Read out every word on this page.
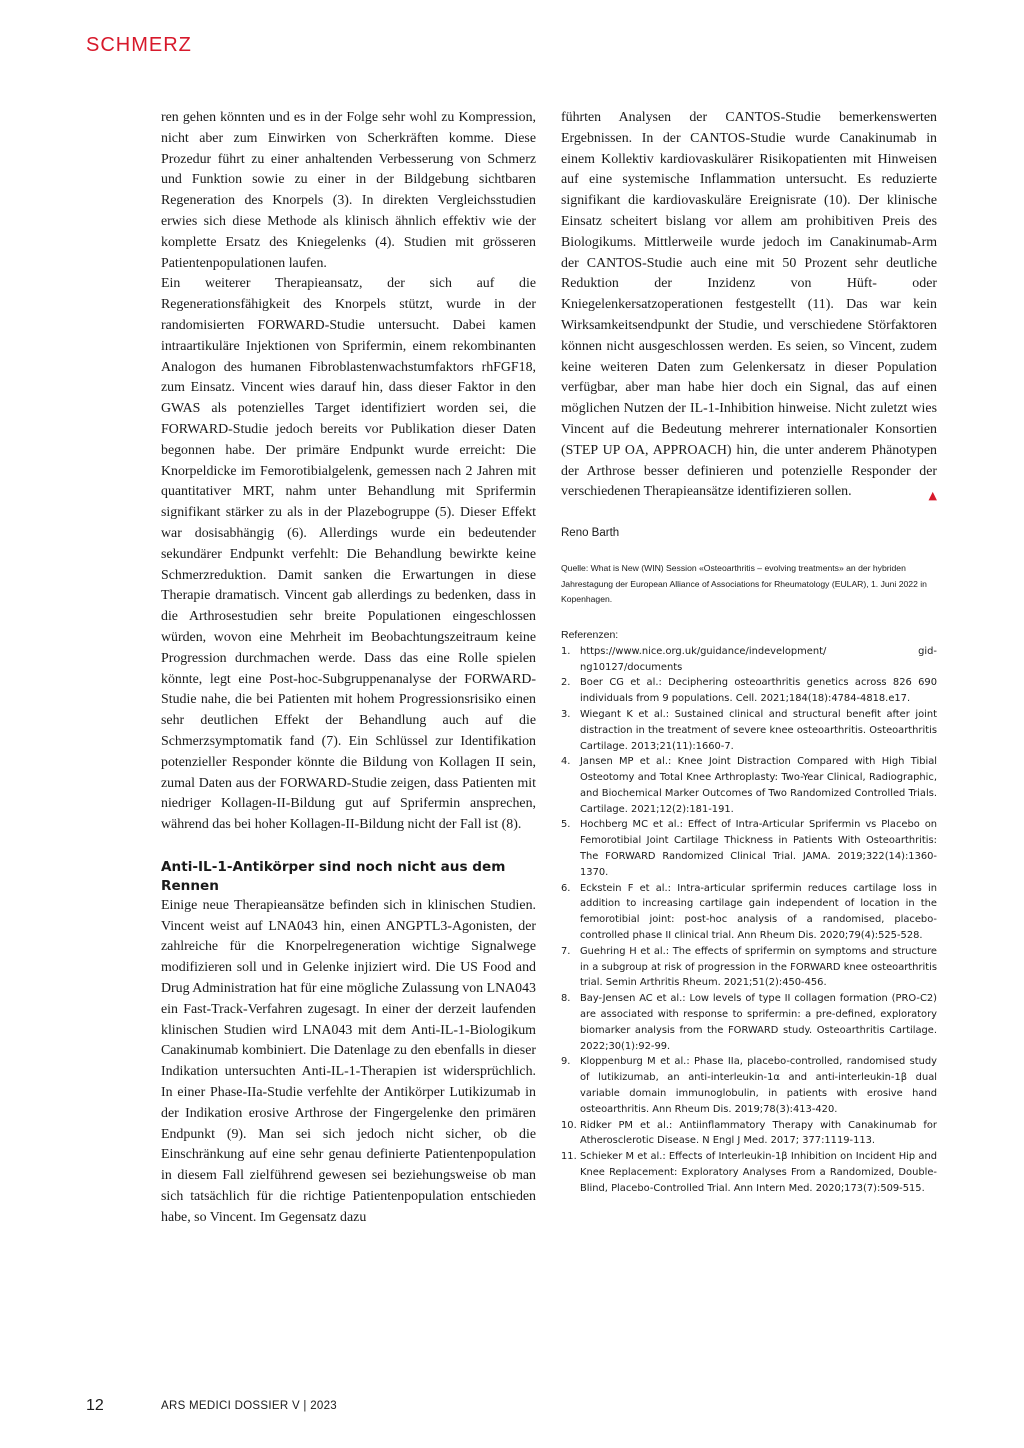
SCHMERZ

ren gehen könnten und es in der Folge sehr wohl zu Kompression, nicht aber zum Einwirken von Scherkräften komme. Diese Prozedur führt zu einer anhaltenden Verbesserung von Schmerz und Funktion sowie zu einer in der Bildgebung sichtbaren Regeneration des Knorpels (3). In direkten Vergleichsstudien erwies sich diese Methode als klinisch ähnlich effektiv wie der komplette Ersatz des Kniegelenks (4). Studien mit grösseren Patientenpopulationen laufen.

Ein weiterer Therapieansatz, der sich auf die Regenerationsfähigkeit des Knorpels stützt, wurde in der randomisierten FORWARD-Studie untersucht. Dabei kamen intraartikuläre Injektionen von Sprifermin, einem rekombinanten Analogon des humanen Fibroblastenwachstumfaktors rhFGF18, zum Einsatz. Vincent wies darauf hin, dass dieser Faktor in den GWAS als potenzielles Target identifiziert worden sei, die FORWARD-Studie jedoch bereits vor Publikation dieser Daten begonnen habe. Der primäre Endpunkt wurde erreicht: Die Knorpeldicke im Femorotibialgelenk, gemessen nach 2 Jahren mit quantitativer MRT, nahm unter Behandlung mit Sprifermin signifikant stärker zu als in der Plazebogruppe (5). Dieser Effekt war dosisabhängig (6). Allerdings wurde ein bedeutender sekundärer Endpunkt verfehlt: Die Behandlung bewirkte keine Schmerzreduktion. Damit sanken die Erwartungen in diese Therapie dramatisch. Vincent gab allerdings zu bedenken, dass in die Arthrosestudien sehr breite Populationen eingeschlossen würden, wovon eine Mehrheit im Beobachtungszeitraum keine Progression durchmachen werde. Dass das eine Rolle spielen könnte, legt eine Post-hoc-Subgruppenanalyse der FORWARD-Studie nahe, die bei Patienten mit hohem Progressionsrisiko einen sehr deutlichen Effekt der Behandlung auch auf die Schmerzsymptomatik fand (7). Ein Schlüssel zur Identifikation potenzieller Responder könnte die Bildung von Kollagen II sein, zumal Daten aus der FORWARD-Studie zeigen, dass Patienten mit niedriger Kollagen-II-Bildung gut auf Sprifermin ansprechen, während das bei hoher Kollagen-II-Bildung nicht der Fall ist (8).

Anti-IL-1-Antikörper sind noch nicht aus dem Rennen

Einige neue Therapieansätze befinden sich in klinischen Studien. Vincent weist auf LNA043 hin, einen ANGPTL3-Agonisten, der zahlreiche für die Knorpelregeneration wichtige Signalwege modifizieren soll und in Gelenke injiziert wird. Die US Food and Drug Administration hat für eine mögliche Zulassung von LNA043 ein Fast-Track-Verfahren zugesagt. In einer der derzeit laufenden klinischen Studien wird LNA043 mit dem Anti-IL-1-Biologikum Canakinumab kombiniert. Die Datenlage zu den ebenfalls in dieser Indikation untersuchten Anti-IL-1-Therapien ist widersprüchlich. In einer Phase-IIa-Studie verfehlte der Antikörper Lutikizumab in der Indikation erosive Arthrose der Fingergelenke den primären Endpunkt (9). Man sei sich jedoch nicht sicher, ob die Einschränkung auf eine sehr genau definierte Patientenpopulation in diesem Fall zielführend gewesen sei beziehungsweise ob man sich tatsächlich für die richtige Patientenpopulation entschieden habe, so Vincent. Im Gegensatz dazu

führten Analysen der CANTOS-Studie bemerkenswerten Ergebnissen. In der CANTOS-Studie wurde Canakinumab in einem Kollektiv kardiovaskulärer Risikopatienten mit Hinweisen auf eine systemische Inflammation untersucht. Es reduzierte signifikant die kardiovaskuläre Ereignisrate (10). Der klinische Einsatz scheitert bislang vor allem am prohibitiven Preis des Biologikums. Mittlerweile wurde jedoch im Canakinumab-Arm der CANTOS-Studie auch eine mit 50 Prozent sehr deutliche Reduktion der Inzidenz von Hüft- oder Kniegelenkersatzoperationen festgestellt (11). Das war kein Wirksamkeitsendpunkt der Studie, und verschiedene Störfaktoren können nicht ausgeschlossen werden. Es seien, so Vincent, zudem keine weiteren Daten zum Gelenkersatz in dieser Population verfügbar, aber man habe hier doch ein Signal, das auf einen möglichen Nutzen der IL-1-Inhibition hinweise. Nicht zuletzt wies Vincent auf die Bedeutung mehrerer internationaler Konsortien (STEP UP OA, APPROACH) hin, die unter anderem Phänotypen der Arthrose besser definieren und potenzielle Responder der verschiedenen Therapieansätze identifizieren sollen.	▲

Reno Barth
Quelle: What is New (WIN) Session «Osteoarthritis – evolving treatments» an der hybriden Jahrestagung der European Alliance of Associations for Rheumatology (EULAR), 1. Juni 2022 in Kopenhagen.
Referenzen:
1. https://www.nice.org.uk/guidance/indevelopment/ gid-ng10127/documents
2. Boer CG et al.: Deciphering osteoarthritis genetics across 826 690 individuals from 9 populations. Cell. 2021;184(18):4784-4818.e17.
3. Wiegant K et al.: Sustained clinical and structural benefit after joint distraction in the treatment of severe knee osteoarthritis. Osteoarthritis Cartilage. 2013;21(11):1660-7.
4. Jansen MP et al.: Knee Joint Distraction Compared with High Tibial Osteotomy and Total Knee Arthroplasty: Two-Year Clinical, Radiographic, and Biochemical Marker Outcomes of Two Randomized Controlled Trials. Cartilage. 2021;12(2):181-191.
5. Hochberg MC et al.: Effect of Intra-Articular Sprifermin vs Placebo on Femorotibial Joint Cartilage Thickness in Patients With Osteoarthritis: The FORWARD Randomized Clinical Trial. JAMA. 2019;322(14):1360-1370.
6. Eckstein F et al.: Intra-articular sprifermin reduces cartilage loss in addition to increasing cartilage gain independent of location in the femorotibial joint: post-hoc analysis of a randomised, placebo-controlled phase II clinical trial. Ann Rheum Dis. 2020;79(4):525-528.
7. Guehring H et al.: The effects of sprifermin on symptoms and structure in a subgroup at risk of progression in the FORWARD knee osteoarthritis trial. Semin Arthritis Rheum. 2021;51(2):450-456.
8. Bay-Jensen AC et al.: Low levels of type II collagen formation (PRO-C2) are associated with response to sprifermin: a pre-defined, exploratory biomarker analysis from the FORWARD study. Osteoarthritis Cartilage. 2022;30(1):92-99.
9. Kloppenburg M et al.: Phase IIa, placebo-controlled, randomised study of lutikizumab, an anti-interleukin-1α and anti-interleukin-1β dual variable domain immunoglobulin, in patients with erosive hand osteoarthritis. Ann Rheum Dis. 2019;78(3):413-420.
10. Ridker PM et al.: Antiinflammatory Therapy with Canakinumab for Atherosclerotic Disease. N Engl J Med. 2017; 377:1119-113.
11. Schieker M et al.: Effects of Interleukin-1β Inhibition on Incident Hip and Knee Replacement: Exploratory Analyses From a Randomized, Double-Blind, Placebo-Controlled Trial. Ann Intern Med. 2020;173(7):509-515.
12	ARS MEDICI DOSSIER V | 2023
